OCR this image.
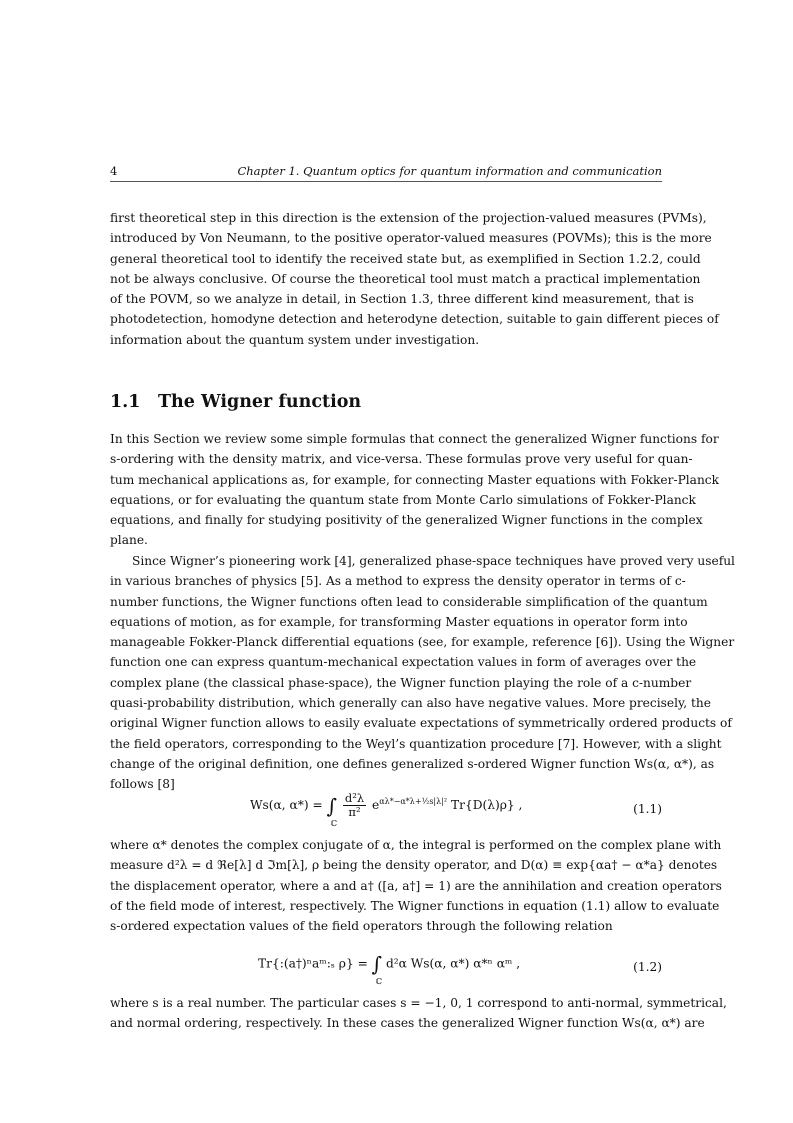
4	Chapter 1. Quantum optics for quantum information and communication
first theoretical step in this direction is the extension of the projection-valued measures (PVMs),
introduced by Von Neumann, to the positive operator-valued measures (POVMs); this is the more
general theoretical tool to identify the received state but, as exemplified in Section 1.2.2, could
not be always conclusive. Of course the theoretical tool must match a practical implementation
of the POVM, so we analyze in detail, in Section 1.3, three different kind measurement, that is
photodetection, homodyne detection and heterodyne detection, suitable to gain different pieces of
information about the quantum system under investigation.
1.1 The Wigner function
In this Section we review some simple formulas that connect the generalized Wigner functions for
s-ordering with the density matrix, and vice-versa. These formulas prove very useful for quan-
tum mechanical applications as, for example, for connecting Master equations with Fokker-Planck
equations, or for evaluating the quantum state from Monte Carlo simulations of Fokker-Planck
equations, and finally for studying positivity of the generalized Wigner functions in the complex
plane.
Since Wigner’s pioneering work [4], generalized phase-space techniques have proved very useful
in various branches of physics [5]. As a method to express the density operator in terms of c-
number functions, the Wigner functions often lead to considerable simplification of the quantum
equations of motion, as for example, for transforming Master equations in operator form into
manageable Fokker-Planck differential equations (see, for example, reference [6]). Using the Wigner
function one can express quantum-mechanical expectation values in form of averages over the
complex plane (the classical phase-space), the Wigner function playing the role of a c-number
quasi-probability distribution, which generally can also have negative values. More precisely, the
original Wigner function allows to easily evaluate expectations of symmetrically ordered products of
the field operators, corresponding to the Weyl’s quantization procedure [7]. However, with a slight
change of the original definition, one defines generalized s-ordered Wigner function Ws(α, α*), as
follows [8]
Ws(α, α*) = ∫
ℂ

$\frac{\text{d²λ}}{\text{π²}} e^{\alpha\lambda*-\alpha*\lambda+\frac{1}{2}s|\lambda|^2}$ Tr{D(λ)ρ} ,	(1.1)
where α* denotes the complex conjugate of α, the integral is performed on the complex plane with
measure d²λ = d ℜe[λ] d ℑm[λ], ρ being the density operator, and D(α) ≡ exp{αa† − α*a} denotes
the displacement operator, where a and a† ([a, a†] = 1) are the annihilation and creation operators
of the field mode of interest, respectively. The Wigner functions in equation (1.1) allow to evaluate
s-ordered expectation values of the field operators through the following relation
Tr{:(a†)ⁿaᵐ:ₛ ρ} = ∫
ℂ
d²α Ws(α, α*) α*ⁿ αᵐ ,	(1.2)
where s is a real number. The particular cases s = −1, 0, 1 correspond to anti-normal, symmetrical,
and normal ordering, respectively. In these cases the generalized Wigner function Ws(α, α*) are
